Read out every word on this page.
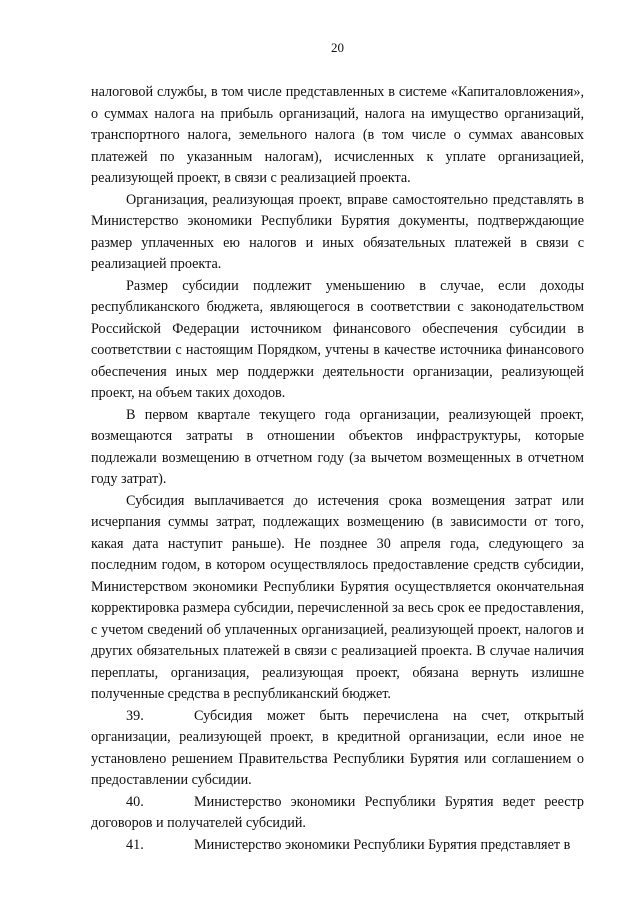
20

налоговой службы, в том числе представленных в системе «Капиталовложения», о суммах налога на прибыль организаций, налога на имущество организаций, транспортного налога, земельного налога (в том числе о суммах авансовых платежей по указанным налогам), исчисленных к уплате организацией, реализующей проект, в связи с реализацией проекта.

Организация, реализующая проект, вправе самостоятельно представлять в Министерство экономики Республики Бурятия документы, подтверждающие размер уплаченных ею налогов и иных обязательных платежей в связи с реализацией проекта.

Размер субсидии подлежит уменьшению в случае, если доходы республиканского бюджета, являющегося в соответствии с законодательством Российской Федерации источником финансового обеспечения субсидии в соответствии с настоящим Порядком, учтены в качестве источника финансового обеспечения иных мер поддержки деятельности организации, реализующей проект, на объем таких доходов.

В первом квартале текущего года организации, реализующей проект, возмещаются затраты в отношении объектов инфраструктуры, которые подлежали возмещению в отчетном году (за вычетом возмещенных в отчетном году затрат).

Субсидия выплачивается до истечения срока возмещения затрат или исчерпания суммы затрат, подлежащих возмещению (в зависимости от того, какая дата наступит раньше). Не позднее 30 апреля года, следующего за последним годом, в котором осуществлялось предоставление средств субсидии, Министерством экономики Республики Бурятия осуществляется окончательная корректировка размера субсидии, перечисленной за весь срок ее предоставления, с учетом сведений об уплаченных организацией, реализующей проект, налогов и других обязательных платежей в связи с реализацией проекта. В случае наличия переплаты, организация, реализующая проект, обязана вернуть излишне полученные средства в республиканский бюджет.

39.	Субсидия может быть перечислена на счет, открытый организации, реализующей проект, в кредитной организации, если иное не установлено решением Правительства Республики Бурятия или соглашением о предоставлении субсидии.

40.	Министерство экономики Республики Бурятия ведет реестр договоров и получателей субсидий.

41.	Министерство экономики Республики Бурятия представляет в
